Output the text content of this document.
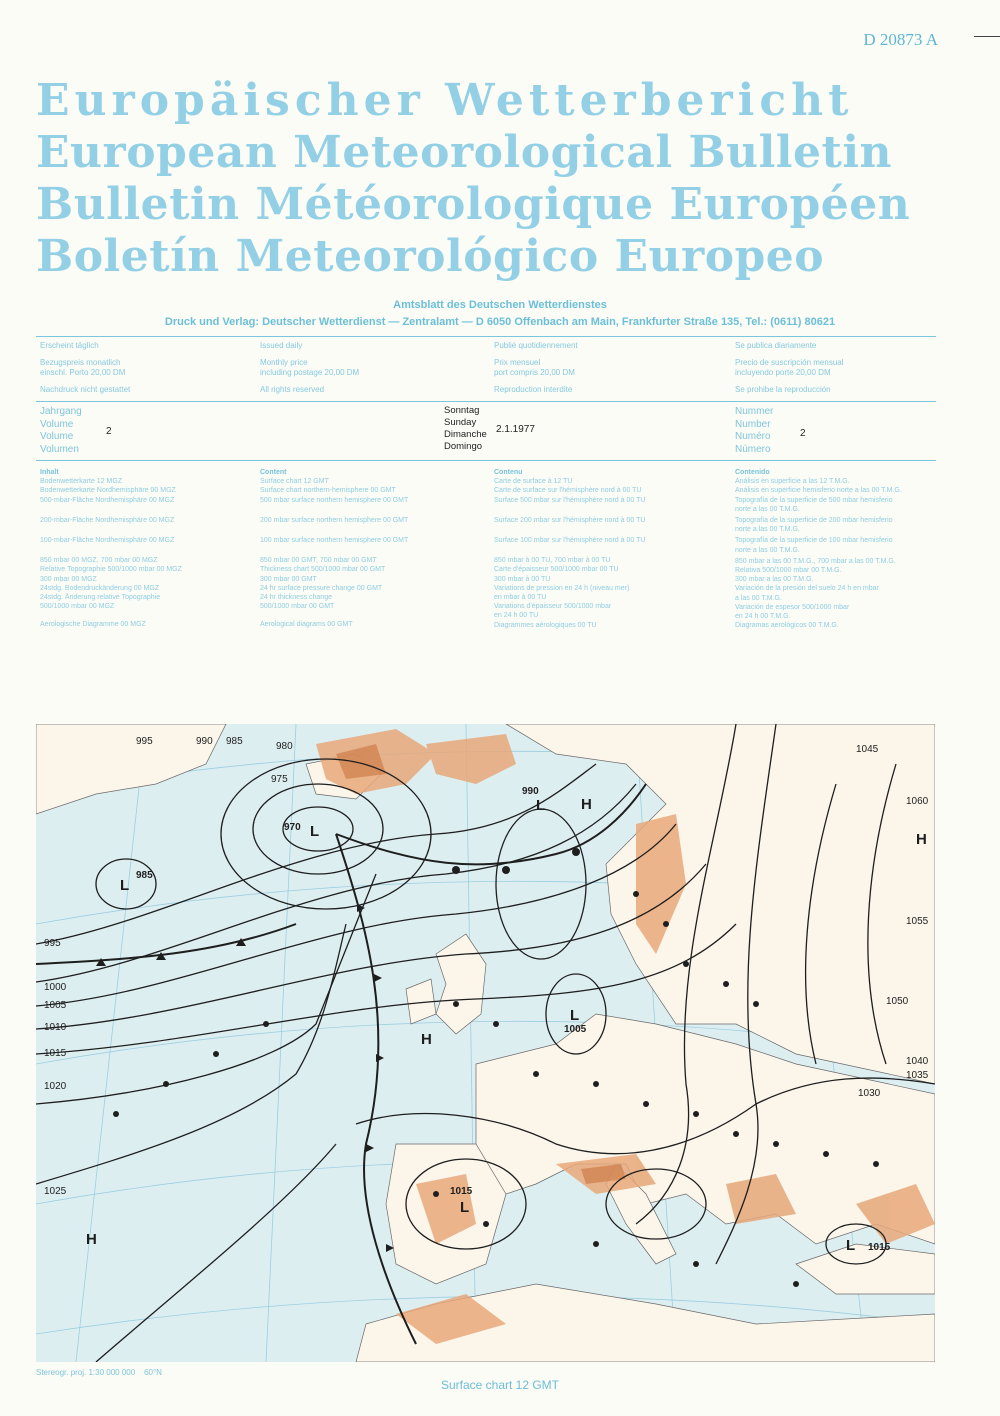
D 20873 A
Europäischer Wetterbericht
European Meteorological Bulletin
Bulletin Météorologique Européen
Boletín Meteorológico Europeo
Amtsblatt des Deutschen Wetterdienstes
Druck und Verlag: Deutscher Wetterdienst — Zentralamt — D 6050 Offenbach am Main, Frankfurter Straße 135, Tel.: (0611) 80621
Erscheint täglich
Bezugspreis monatlich
einschl. Porto 20,00 DM
Nachdruck nicht gestattet
Issued daily
Monthly price
including postage 20,00 DM
All rights reserved
Publié quotidiennement
Prix mensuel
port compris 20,00 DM
Reproduction interdite
Se publica diariamente
Precio de suscripción mensual
incluyendo porte 20,00 DM
Se prohibe la reproducción
Jahrgang
Volume
Volume
Volumen
2
Sonntag
Sunday
Dimanche
Domingo
2.1.1977
Nummer
Number
Numéro
Número
2
Inhalt
Bodenwetterkarte 12 MGZ
Bodenwetterkarte Nordhemisphäre 00 MGZ
500-mbar-Fläche Nordhemisphäre 00 MGZ
200-mbar-Fläche Nordhemisphäre 00 MGZ
100-mbar-Fläche Nordhemisphäre 00 MGZ
850 mbar 00 MGZ, 700 mbar 00 MGZ
Relative Topographie 500/1000 mbar 00 MGZ
300 mbar 00 MGZ
24stdg. Bodendruckänderung 00 MGZ
24stdg. Änderung relative Topographie
500/1000 mbar 00 MGZ
Aerologische Diagramme 00 MGZ
Content
Surface chart 12 GMT
Surface chart northern-hemisphere 00 GMT
500 mbar surface northern hemisphere 00 GMT
200 mbar surface northern hemisphere 00 GMT
100 mbar surface northern hemisphere 00 GMT
850 mbar 00 GMT, 700 mbar 00 GMT
Thickness chart 500/1000 mbar 00 GMT
300 mbar 00 GMT
24 hr surface pressure change 00 GMT
24 hr thickness change
500/1000 mbar 00 GMT
Aerological diagrams 00 GMT
Contenu
Carte de surface à 12 TU
Carte de surface sur l'hémisphère nord à 00 TU
Surface 500 mbar sur l'hémisphère nord à 00 TU
Surface 200 mbar sur l'hémisphère nord à 00 TU
Surface 100 mbar sur l'hémisphère nord à 00 TU
850 mbar à 00 TU, 700 mbar à 00 TU
Carte d'épaisseur 500/1000 mbar 00 TU
300 mbar à 00 TU
Variations de pression en 24 h (niveau mer)
en mbar à 00 TU
Variations d'épaisseur 500/1000 mbar
en 24 h 00 TU
Diagrammes aérologiques 00 TU
Contenido
Análisis en superficie a las 12 T.M.G.
Análisis en superficie hemisferio norte a las 00 T.M.G.
Topografía de la superficie de 500 mbar hemisferio
norte a las 00 T.M.G.
Topografía de la superficie de 200 mbar hemisferio
norte a las 00 T.M.G.
Topografía de la superficie de 100 mbar hemisferio
norte a las 00 T.M.G.
850 mbar a las 00 T.M.G., 700 mbar a las 00 T.M.G.
Relativa 500/1000 mbar 00 T.M.G.
300 mbar a las 00 T.M.G.
Variación de la presión del suelo 24 h en mbar
a las 00 T.M.G.
Variación de espesor 500/1000 mbar
en 24 h 00 T.M.G.
Diagramas aerológicos 00 T.M.G.
L
970
L
985
L
990
L
1005
L
1015
L 1015
H
H
H
H
995	990 985	980
975
995
1000
1005
1010
1015
1020
1025
1045
1050
1055
1060
1040
1035
1030
Stereogr. proj. 1:30 000 000 60°N
Surface chart 12 GMT
